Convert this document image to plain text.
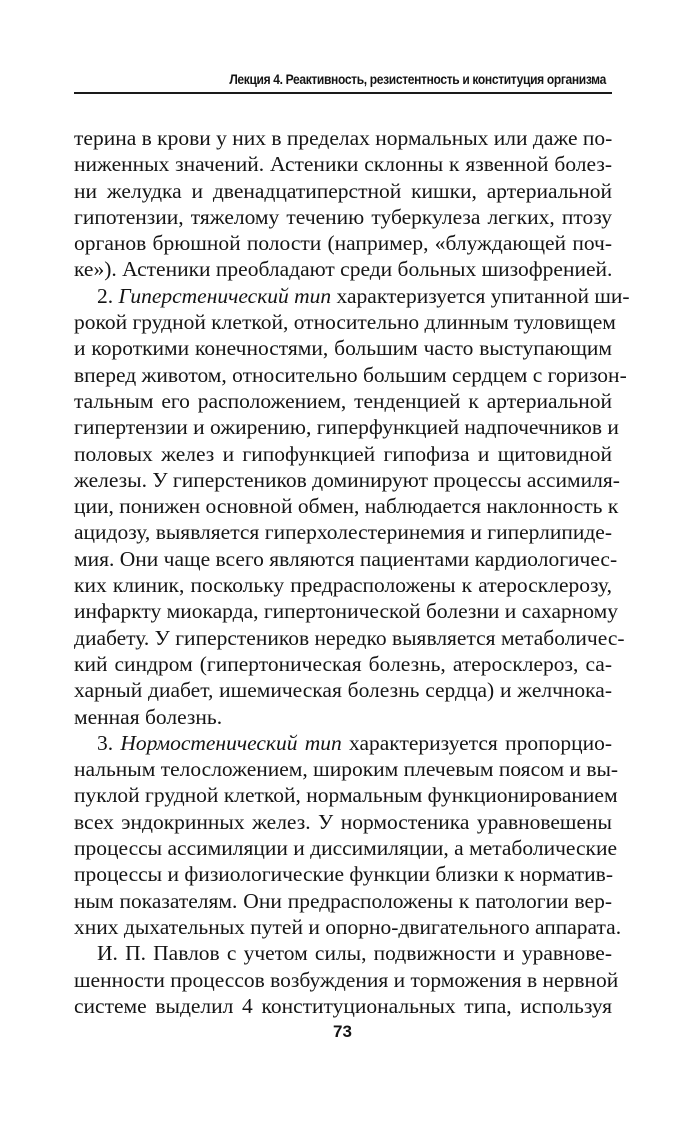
Лекция 4. Реактивность, резистентность и конституция организма

терина в крови у них в пределах нормальных или даже по-
ниженных значений. Астеники склонны к язвенной болез-
ни желудка и двенадцатиперстной кишки, артериальной
гипотензии, тяжелому течению туберкулеза легких, птозу
органов брюшной полости (например, «блуждающей поч-
ке»). Астеники преобладают среди больных шизофренией.

2. Гиперстенический тип характеризуется упитанной ши-
рокой грудной клеткой, относительно длинным туловищем
и короткими конечностями, большим часто выступающим
вперед животом, относительно большим сердцем с горизон-
тальным его расположением, тенденцией к артериальной
гипертензии и ожирению, гиперфункцией надпочечников и
половых желез и гипофункцией гипофиза и щитовидной
железы. У гиперстеников доминируют процессы ассимиля-
ции, понижен основной обмен, наблюдается наклонность к
ацидозу, выявляется гиперхолестеринемия и гиперлипиде-
мия. Они чаще всего являются пациентами кардиологичес-
ких клиник, поскольку предрасположены к атеросклерозу,
инфаркту миокарда, гипертонической болезни и сахарному
диабету. У гиперстеников нередко выявляется метаболичес-
кий синдром (гипертоническая болезнь, атеросклероз, са-
харный диабет, ишемическая болезнь сердца) и желчнока-
менная болезнь.

3. Нормостенический тип характеризуется пропорцио-
нальным телосложением, широким плечевым поясом и вы-
пуклой грудной клеткой, нормальным функционированием
всех эндокринных желез. У нормостеника уравновешены
процессы ассимиляции и диссимиляции, а метаболические
процессы и физиологические функции близки к норматив-
ным показателям. Они предрасположены к патологии вер-
хних дыхательных путей и опорно-двигательного аппарата.

И. П. Павлов с учетом силы, подвижности и уравнове-
шенности процессов возбуждения и торможения в нервной
системе выделил 4 конституциональных типа, используя

73
